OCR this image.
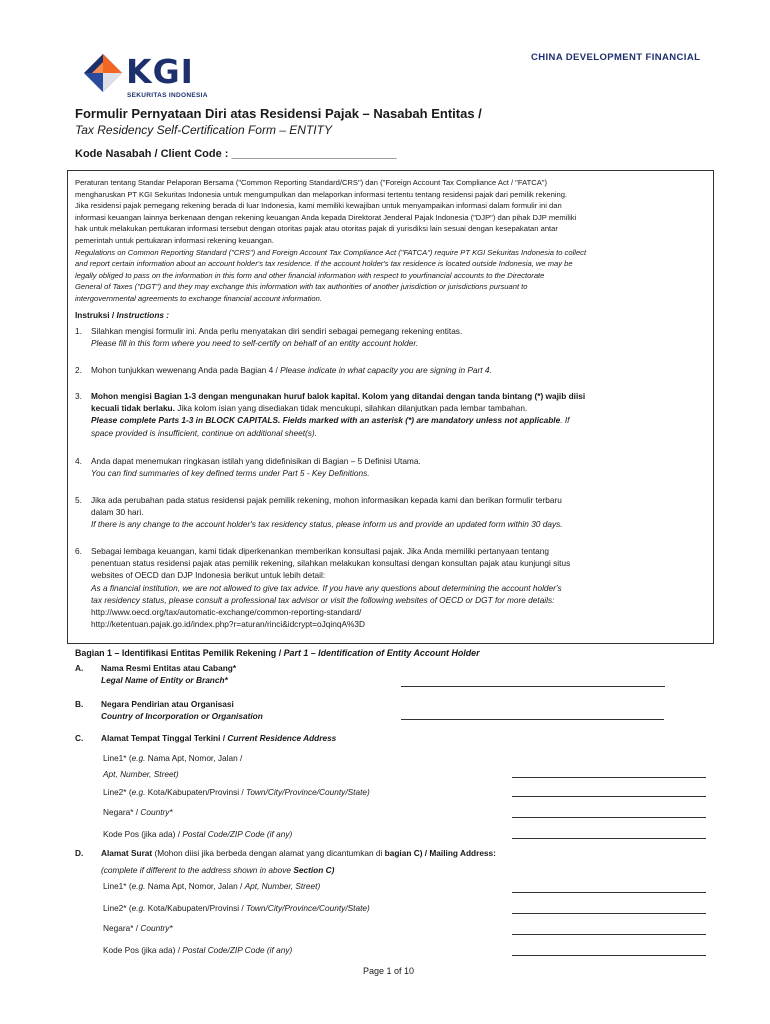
KGI
SEKURITAS INDONESIA
CHINA DEVELOPMENT FINANCIAL
Formulir Pernyataan Diri atas Residensi Pajak – Nasabah Entitas /
Tax Residency Self-Certification Form – ENTITY
Kode Nasabah / Client Code : ___________________________
Peraturan tentang Standar Pelaporan Bersama ("Common Reporting Standard/CRS") dan ("Foreign Account Tax Compliance Act / "FATCA")
mengharuskan PT KGI Sekuritas Indonesia untuk mengumpulkan dan melaporkan informasi tertentu tentang residensi pajak dari pemilik rekening.
Jika residensi pajak pemegang rekening berada di luar Indonesia, kami memiliki kewajiban untuk menyampaikan informasi dalam formulir ini dan
informasi keuangan lainnya berkenaan dengan rekening keuangan Anda kepada Direktorat Jenderal Pajak Indonesia ("DJP") dan pihak DJP memiliki
hak untuk melakukan pertukaran informasi tersebut dengan otoritas pajak atau otoritas pajak di yurisdiksi lain sesuai dengan kesepakatan antar
pemerintah untuk pertukaran informasi rekening keuangan.
Regulations on Common Reporting Standard ("CRS") and Foreign Account Tax Compliance Act ("FATCA") require PT KGI Sekuritas Indonesia to collect
and report certain information about an account holder's tax residence. If the account holder's tax residence is located outside Indonesia, we may be
legally obliged to pass on the information in this form and other financial information with respect to yourfinancial accounts to the Directorate
General of Taxes ("DGT") and they may exchange this information with tax authorities of another jurisdiction or jurisdictions pursuant to
intergovernmental agreements to exchange financial account information.
Instruksi / Instructions :
1. Silahkan mengisi formulir ini. Anda perlu menyatakan diri sendiri sebagai pemegang rekening entitas.
Please fill in this form where you need to self-certify on behalf of an entity account holder.
2. Mohon tunjukkan wewenang Anda pada Bagian 4 / Please indicate in what capacity you are signing in Part 4.
3. Mohon mengisi Bagian 1-3 dengan mengunakan huruf balok kapital. Kolom yang ditandai dengan tanda bintang (*) wajib diisi
kecuali tidak berlaku. Jika kolom isian yang disediakan tidak mencukupi, silahkan dilanjutkan pada lembar tambahan.
Please complete Parts 1-3 in BLOCK CAPITALS. Fields marked with an asterisk (*) are mandatory unless not applicable. If
space provided is insufficient, continue on additional sheet(s).
4. Anda dapat menemukan ringkasan istilah yang didefinisikan di Bagian – 5 Definisi Utama.
You can find summaries of key defined terms under Part 5 - Key Definitions.
5. Jika ada perubahan pada status residensi pajak pemilik rekening, mohon informasikan kepada kami dan berikan formulir terbaru
dalam 30 hari.
If there is any change to the account holder's tax residency status, please inform us and provide an updated form within 30 days.
6. Sebagai lembaga keuangan, kami tidak diperkenankan memberikan konsultasi pajak. Jika Anda memiliki pertanyaan tentang
penentuan status residensi pajak atas pemilik rekening, silahkan melakukan konsultasi dengan konsultan pajak atau kunjungi situs
websites of OECD dan DJP Indonesia berikut untuk lebih detail:
As a financial institution, we are not allowed to give tax advice. If you have any questions about determining the account holder's
tax residency status, please consult a professional tax advisor or visit the following websites of OECD or DGT for more details:
http://www.oecd.org/tax/automatic-exchange/common-reporting-standard/
http://ketentuan.pajak.go.id/index.php?r=aturan/rinci&idcrypt=oJqinqA%3D
Bagian 1 – Identifikasi Entitas Pemilik Rekening / Part 1 – Identification of Entity Account Holder
A. Nama Resmi Entitas atau Cabang*
Legal Name of Entity or Branch*
B. Negara Pendirian atau Organisasi
Country of Incorporation or Organisation
C. Alamat Tempat Tinggal Terkini / Current Residence Address
Line1* (e.g. Nama Apt, Nomor, Jalan /
Apt, Number, Street)
Line2* (e.g. Kota/Kabupaten/Provinsi / Town/City/Province/County/State)
Negara* / Country*
Kode Pos (jika ada) / Postal Code/ZIP Code (if any)
D. Alamat Surat (Mohon diisi jika berbeda dengan alamat yang dicantumkan di bagian C) / Mailing Address:
(complete if different to the address shown in above Section C)
Line1* (e.g. Nama Apt, Nomor, Jalan / Apt, Number, Street)
Line2* (e.g. Kota/Kabupaten/Provinsi / Town/City/Province/County/State)
Negara* / Country*
Kode Pos (jika ada) / Postal Code/ZIP Code (if any)
Page 1 of 10
